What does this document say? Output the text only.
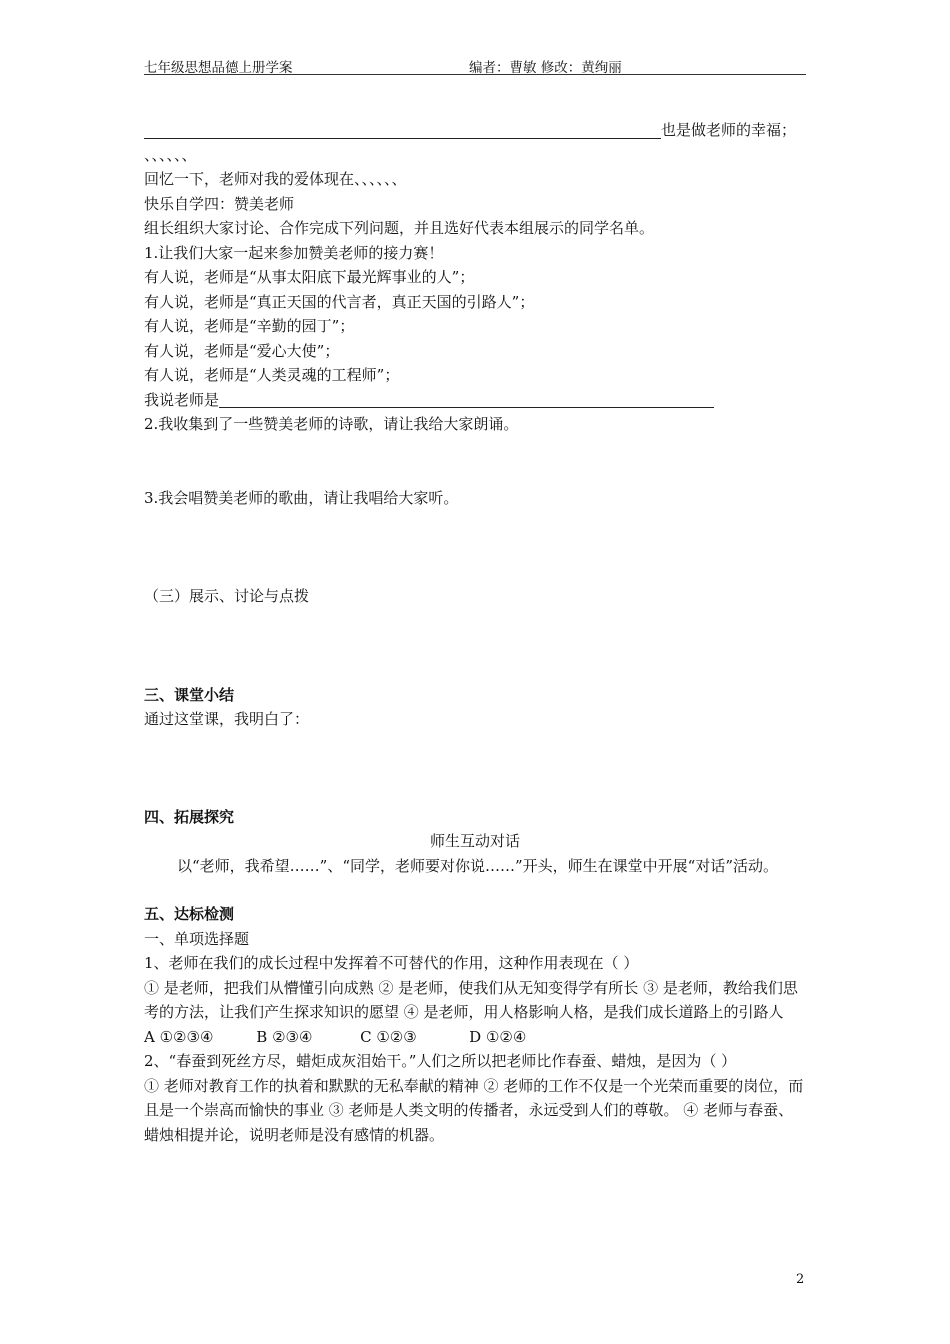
七年级思想品德上册学案	编者：曹敏 修改：黄绚丽
也是做老师的幸福；
、、、、、、
回忆一下，老师对我的爱体现在、、、、、、
快乐自学四：赞美老师
组长组织大家讨论、合作完成下列问题，并且选好代表本组展示的同学名单。
1.让我们大家一起来参加赞美老师的接力赛！
有人说，老师是“从事太阳底下最光辉事业的人”；
有人说，老师是“真正天国的代言者，真正天国的引路人”；
有人说，老师是“辛勤的园丁”；
有人说，老师是“爱心大使”；
有人说，老师是“人类灵魂的工程师”；
我说老师是
2.我收集到了一些赞美老师的诗歌，请让我给大家朗诵。
3.我会唱赞美老师的歌曲，请让我唱给大家听。
（三）展示、讨论与点拨
三、课堂小结
通过这堂课，我明白了：
四、拓展探究
师生互动对话
以“老师，我希望……”、“同学，老师要对你说……”开头，师生在课堂中开展“对话”活动。
五、达标检测
一、单项选择题
1、老师在我们的成长过程中发挥着不可替代的作用，这种作用表现在（ ）
① 是老师，把我们从懵懂引向成熟 ② 是老师，使我们从无知变得学有所长 ③ 是老师，教给我们思考的方法，让我们产生探求知识的愿望 ④ 是老师，用人格影响人格，是我们成长道路上的引路人
A ①②③④         B ②③④          C ①②③           D ①②④
2、“春蚕到死丝方尽，蜡炬成灰泪始干。”人们之所以把老师比作春蚕、蜡烛，是因为（ ）
① 老师对教育工作的执着和默默的无私奉献的精神 ② 老师的工作不仅是一个光荣而重要的岗位，而且是一个崇高而愉快的事业 ③ 老师是人类文明的传播者，永远受到人们的尊敬。 ④ 老师与春蚕、蜡烛相提并论，说明老师是没有感情的机器。
2
